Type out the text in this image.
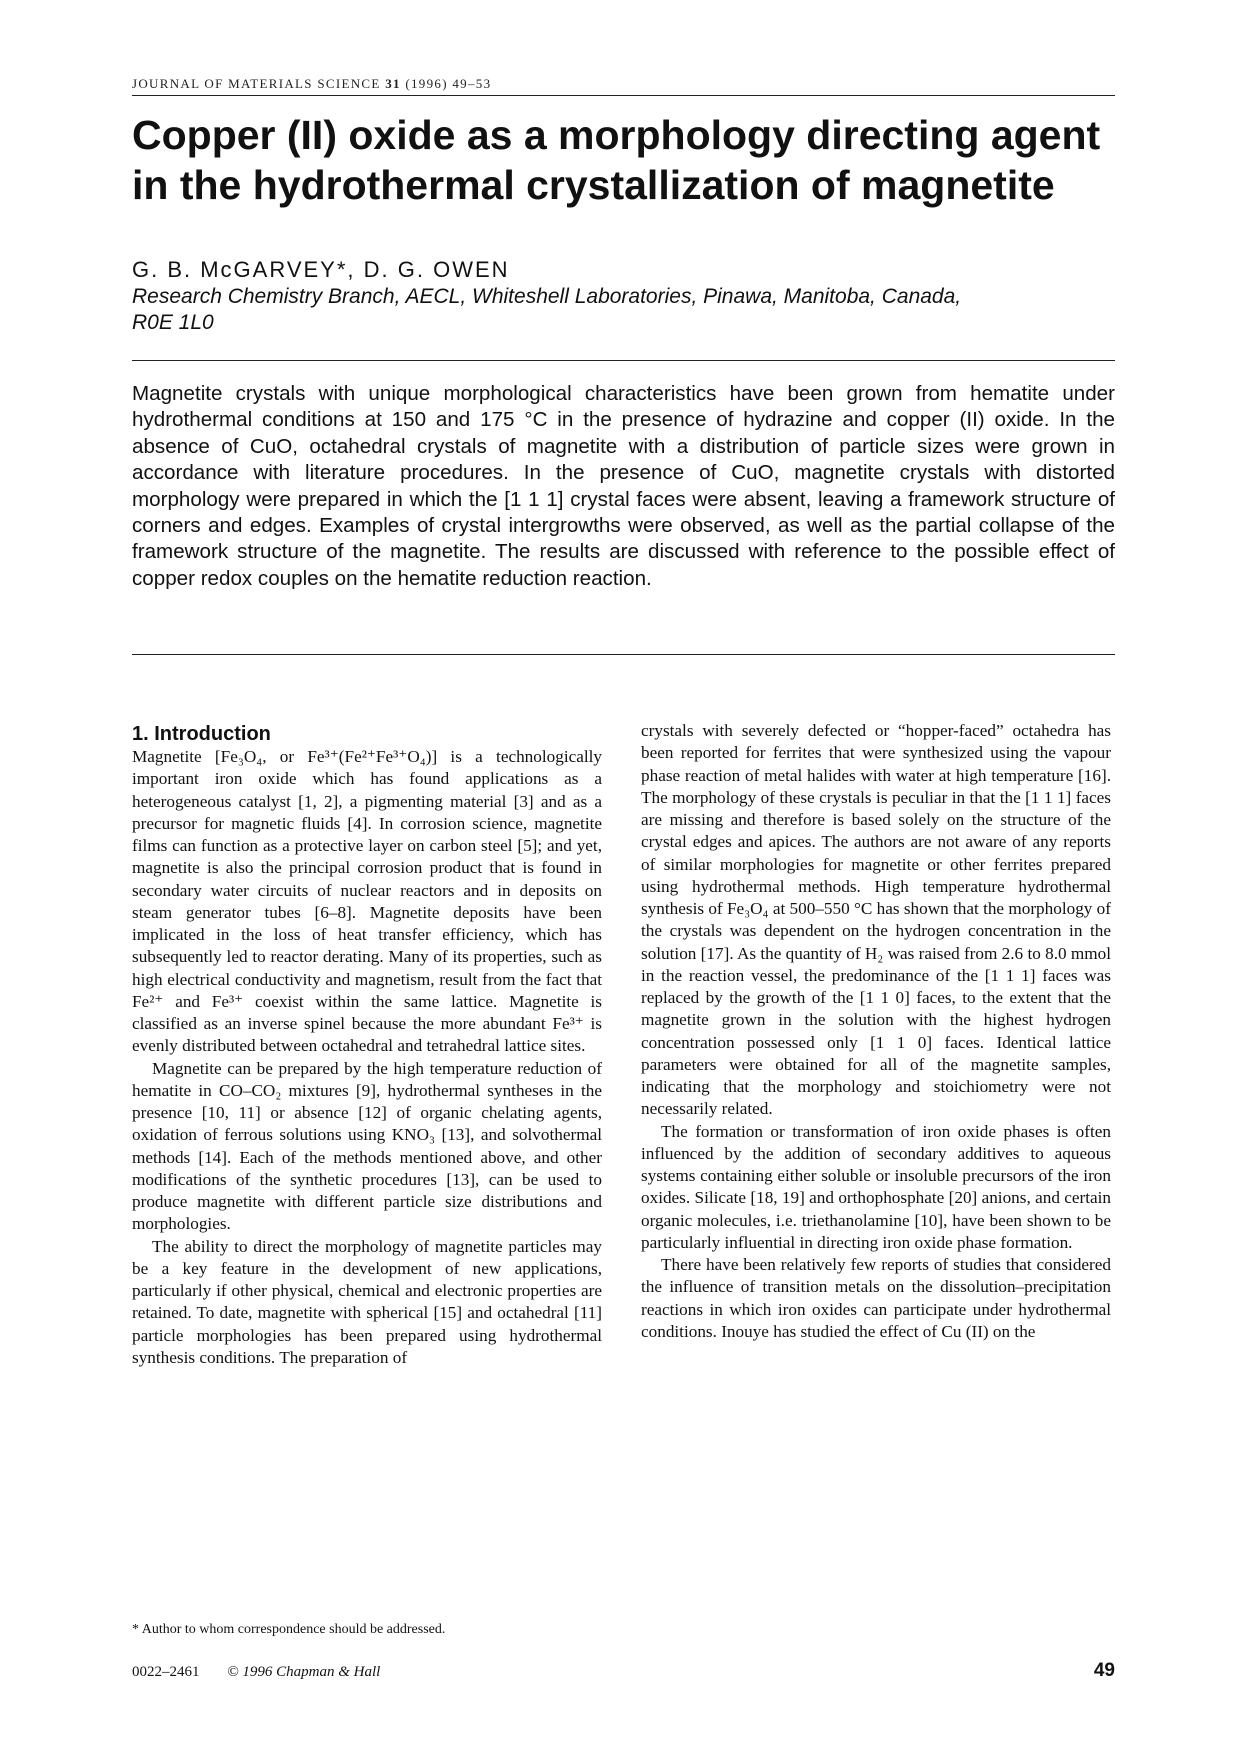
JOURNAL OF MATERIALS SCIENCE 31 (1996) 49–53
Copper (II) oxide as a morphology directing agent
in the hydrothermal crystallization of magnetite
G. B. McGARVEY*, D. G. OWEN
Research Chemistry Branch, AECL, Whiteshell Laboratories, Pinawa, Manitoba, Canada,
R0E 1L0

Magnetite crystals with unique morphological characteristics have been grown from hematite under hydrothermal conditions at 150 and 175 °C in the presence of hydrazine and copper (II) oxide. In the absence of CuO, octahedral crystals of magnetite with a distribution of particle sizes were grown in accordance with literature procedures. In the presence of CuO, magnetite crystals with distorted morphology were prepared in which the [1 1 1] crystal faces were absent, leaving a framework structure of corners and edges. Examples of crystal intergrowths were observed, as well as the partial collapse of the framework structure of the magnetite. The results are discussed with reference to the possible effect of copper redox couples on the hematite reduction reaction.

1. Introduction

Magnetite [Fe₃O₄, or Fe³⁺(Fe²⁺Fe³⁺O₄)] is a technologically important iron oxide which has found applications as a heterogeneous catalyst [1, 2], a pigmenting material [3] and as a precursor for magnetic fluids [4]. In corrosion science, magnetite films can function as a protective layer on carbon steel [5]; and yet, magnetite is also the principal corrosion product that is found in secondary water circuits of nuclear reactors and in deposits on steam generator tubes [6–8]. Magnetite deposits have been implicated in the loss of heat transfer efficiency, which has subsequently led to reactor derating. Many of its properties, such as high electrical conductivity and magnetism, result from the fact that Fe²⁺ and Fe³⁺ coexist within the same lattice. Magnetite is classified as an inverse spinel because the more abundant Fe³⁺ is evenly distributed between octahedral and tetrahedral lattice sites.

Magnetite can be prepared by the high temperature reduction of hematite in CO–CO₂ mixtures [9], hydrothermal syntheses in the presence [10, 11] or absence [12] of organic chelating agents, oxidation of ferrous solutions using KNO₃ [13], and solvothermal methods [14]. Each of the methods mentioned above, and other modifications of the synthetic procedures [13], can be used to produce magnetite with different particle size distributions and morphologies.

The ability to direct the morphology of magnetite particles may be a key feature in the development of new applications, particularly if other physical, chemical and electronic properties are retained. To date, magnetite with spherical [15] and octahedral [11] particle morphologies has been prepared using hydrothermal synthesis conditions. The preparation of

crystals with severely defected or “hopper-faced” octahedra has been reported for ferrites that were synthesized using the vapour phase reaction of metal halides with water at high temperature [16]. The morphology of these crystals is peculiar in that the [1 1 1] faces are missing and therefore is based solely on the structure of the crystal edges and apices. The authors are not aware of any reports of similar morphologies for magnetite or other ferrites prepared using hydrothermal methods. High temperature hydrothermal synthesis of Fe₃O₄ at 500–550 °C has shown that the morphology of the crystals was dependent on the hydrogen concentration in the solution [17]. As the quantity of H₂ was raised from 2.6 to 8.0 mmol in the reaction vessel, the predominance of the [1 1 1] faces was replaced by the growth of the [1 1 0] faces, to the extent that the magnetite grown in the solution with the highest hydrogen concentration possessed only [1 1 0] faces. Identical lattice parameters were obtained for all of the magnetite samples, indicating that the morphology and stoichiometry were not necessarily related.

The formation or transformation of iron oxide phases is often influenced by the addition of secondary additives to aqueous systems containing either soluble or insoluble precursors of the iron oxides. Silicate [18, 19] and orthophosphate [20] anions, and certain organic molecules, i.e. triethanolamine [10], have been shown to be particularly influential in directing iron oxide phase formation.

There have been relatively few reports of studies that considered the influence of transition metals on the dissolution–precipitation reactions in which iron oxides can participate under hydrothermal conditions. Inouye has studied the effect of Cu (II) on the

* Author to whom correspondence should be addressed.
0022–2461 © 1996 Chapman & Hall	49
